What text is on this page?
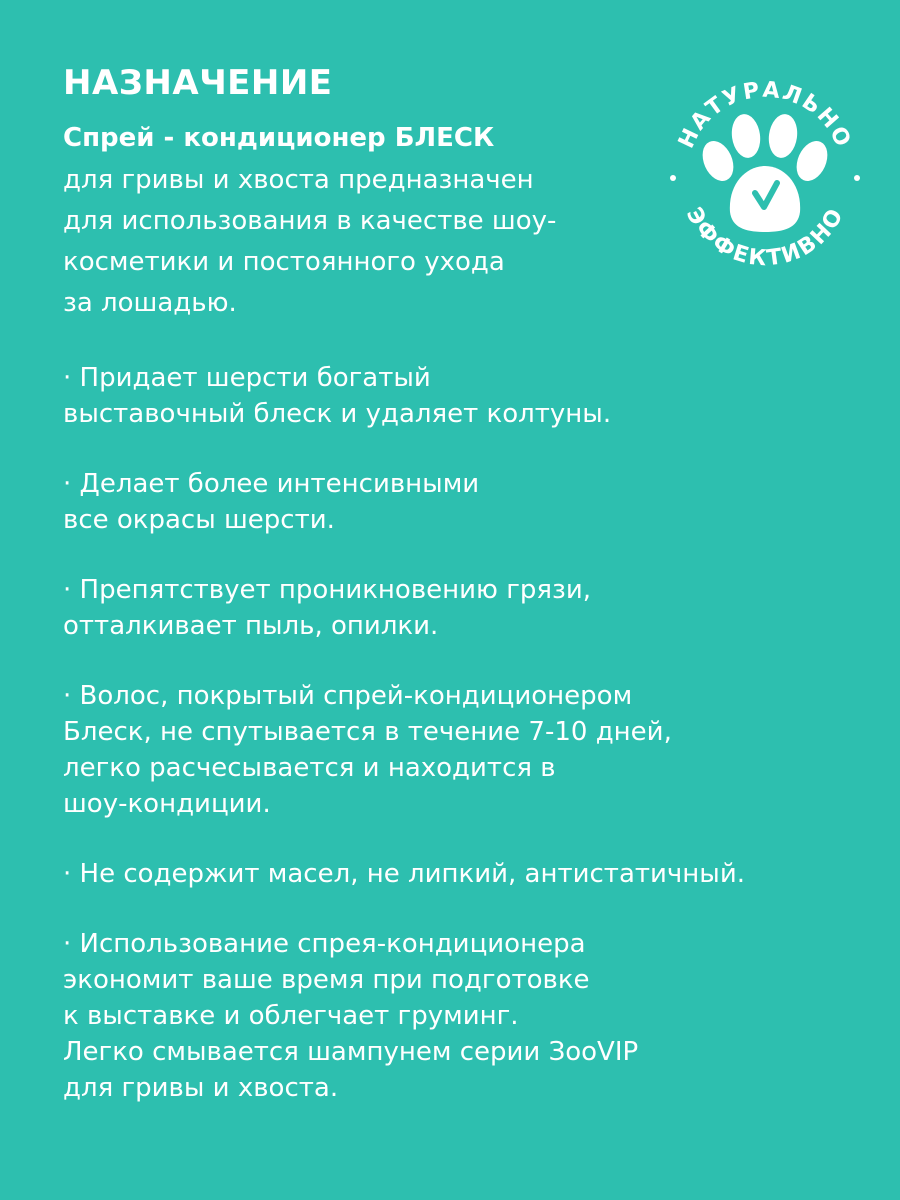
НАЗНАЧЕНИЕ
Спрей - кондиционер БЛЕСК

для гривы и хвоста предназначен
для использования в качестве шоу-
косметики и постоянного ухода
за лошадью.

· Придает шерсти богатый
выставочный блеск и удаляет колтуны.
· Делает более интенсивными
все окрасы шерсти.
· Препятствует проникновению грязи,
отталкивает пыль, опилки.
· Волос, покрытый спрей-кондиционером
Блеск, не спутывается в течение 7-10 дней,
легко расчесывается и находится в
шоу-кондиции.
· Не содержит масел, не липкий, антистатичный.
· Использование спрея-кондиционера
экономит ваше время при подготовке
к выставке и облегчает груминг.
Легко смывается шампунем серии ЗооVIP
для гривы и хвоста.
НАТУРАЛЬНО
ЭФФЕКТИВНО
